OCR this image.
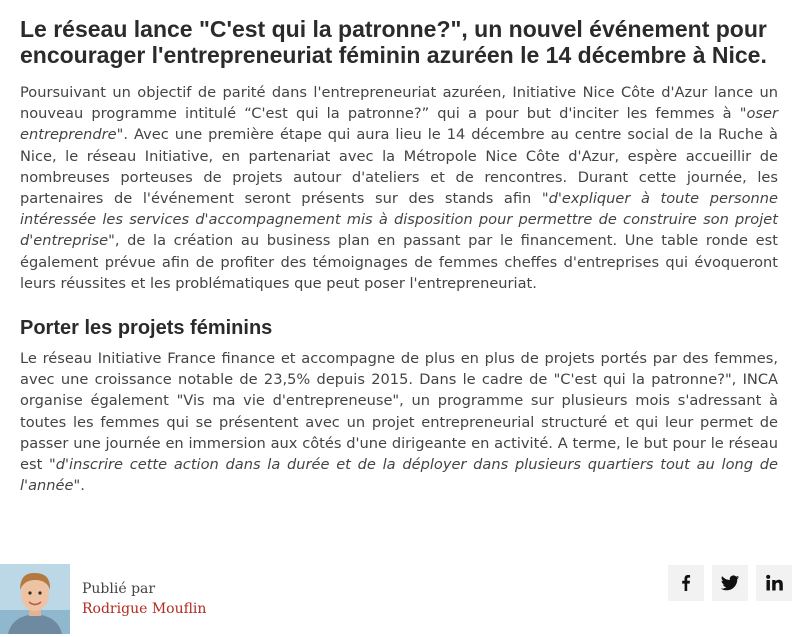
Le réseau lance "C'est qui la patronne?", un nouvel événement pour encourager l'entrepreneuriat féminin azuréen le 14 décembre à Nice.

Poursuivant un objectif de parité dans l'entrepreneuriat azuréen, Initiative Nice Côte d'Azur lance un nouveau programme intitulé “C'est qui la patronne?” qui a pour but d'inciter les femmes à "oser entreprendre". Avec une première étape qui aura lieu le 14 décembre au centre social de la Ruche à Nice, le réseau Initiative, en partenariat avec la Métropole Nice Côte d'Azur, espère accueillir de nombreuses porteuses de projets autour d'ateliers et de rencontres. Durant cette journée, les partenaires de l'événement seront présents sur des stands afin "d'expliquer à toute personne intéressée les services d'accompagnement mis à disposition pour permettre de construire son projet d'entreprise", de la création au business plan en passant par le financement. Une table ronde est également prévue afin de profiter des témoignages de femmes cheffes d'entreprises qui évoqueront leurs réussites et les problématiques que peut poser l'entrepreneuriat.

Porter les projets féminins

Le réseau Initiative France finance et accompagne de plus en plus de projets portés par des femmes, avec une croissance notable de 23,5% depuis 2015. Dans le cadre de "C'est qui la patronne?", INCA organise également "Vis ma vie d'entrepreneuse", un programme sur plusieurs mois s'adressant à toutes les femmes qui se présentent avec un projet entrepreneurial structuré et qui leur permet de passer une journée en immersion aux côtés d'une dirigeante en activité. A terme, le but pour le réseau est "d'inscrire cette action dans la durée et de la déployer dans plusieurs quartiers tout au long de l'année".

Publié par
Rodrigue Mouflin
